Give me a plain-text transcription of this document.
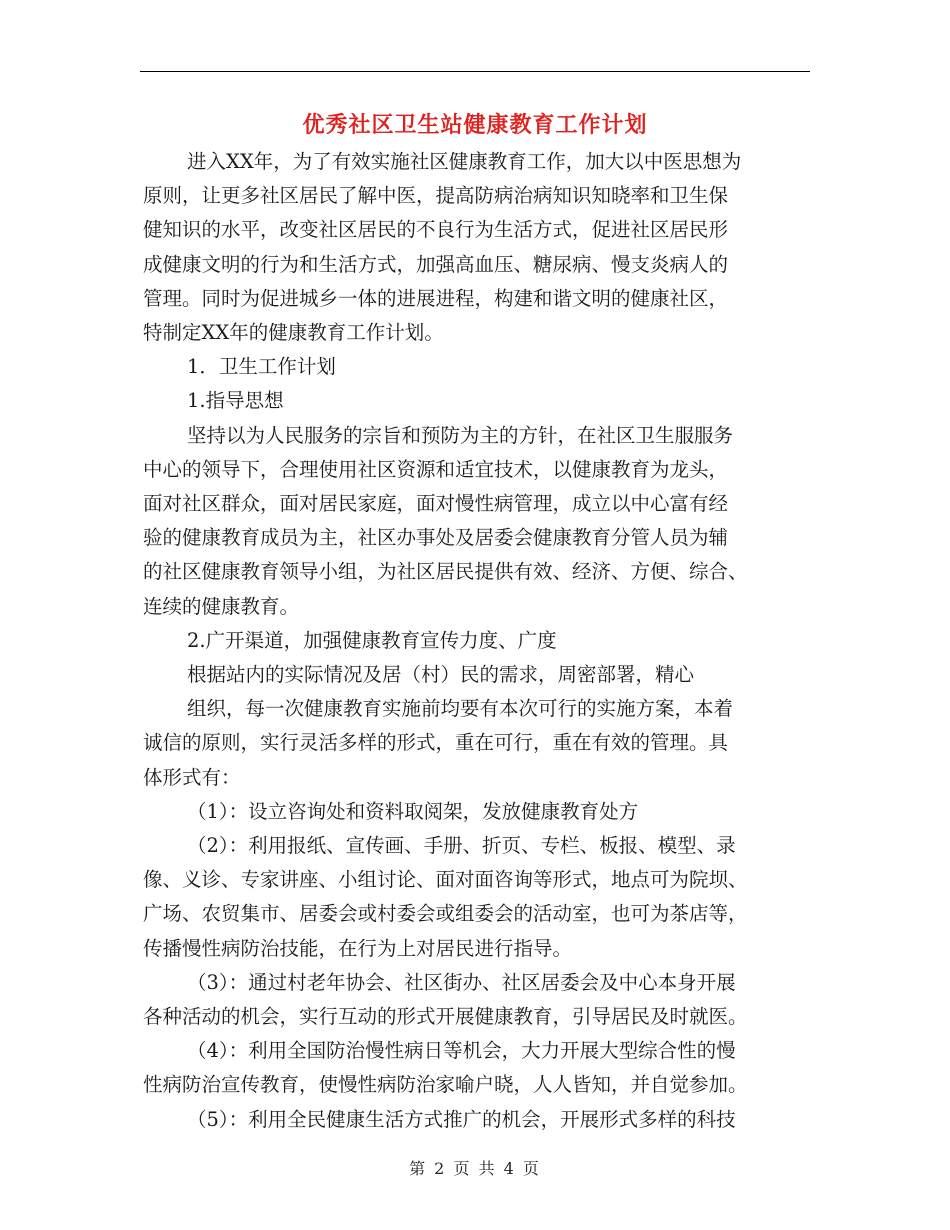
优秀社区卫生站健康教育工作计划

进入XX年，为了有效实施社区健康教育工作，加大以中医思想为

原则，让更多社区居民了解中医，提高防病治病知识知晓率和卫生保

健知识的水平，改变社区居民的不良行为生活方式，促进社区居民形

成健康文明的行为和生活方式，加强高血压、糖尿病、慢支炎病人的

管理。同时为促进城乡一体的进展进程，构建和谐文明的健康社区，

特制定XX年的健康教育工作计划。

1．卫生工作计划

1.指导思想

坚持以为人民服务的宗旨和预防为主的方针，在社区卫生服服务

中心的领导下，合理使用社区资源和适宜技术，以健康教育为龙头，

面对社区群众，面对居民家庭，面对慢性病管理，成立以中心富有经

验的健康教育成员为主，社区办事处及居委会健康教育分管人员为辅

的社区健康教育领导小组，为社区居民提供有效、经济、方便、综合、

连续的健康教育。

2.广开渠道，加强健康教育宣传力度、广度

根据站内的实际情况及居（村）民的需求，周密部署，精心

组织，每一次健康教育实施前均要有本次可行的实施方案，本着

诚信的原则，实行灵活多样的形式，重在可行，重在有效的管理。具

体形式有：

（1）：设立咨询处和资料取阅架，发放健康教育处方

（2）：利用报纸、宣传画、手册、折页、专栏、板报、模型、录

像、义诊、专家讲座、小组讨论、面对面咨询等形式，地点可为院坝、

广场、农贸集市、居委会或村委会或组委会的活动室，也可为茶店等，

传播慢性病防治技能，在行为上对居民进行指导。

（3）：通过村老年协会、社区街办、社区居委会及中心本身开展

各种活动的机会，实行互动的形式开展健康教育，引导居民及时就医。

（4）：利用全国防治慢性病日等机会，大力开展大型综合性的慢

性病防治宣传教育，使慢性病防治家喻户晓，人人皆知，并自觉参加。

（5）：利用全民健康生活方式推广的机会，开展形式多样的科技

第 2 页 共 4 页
